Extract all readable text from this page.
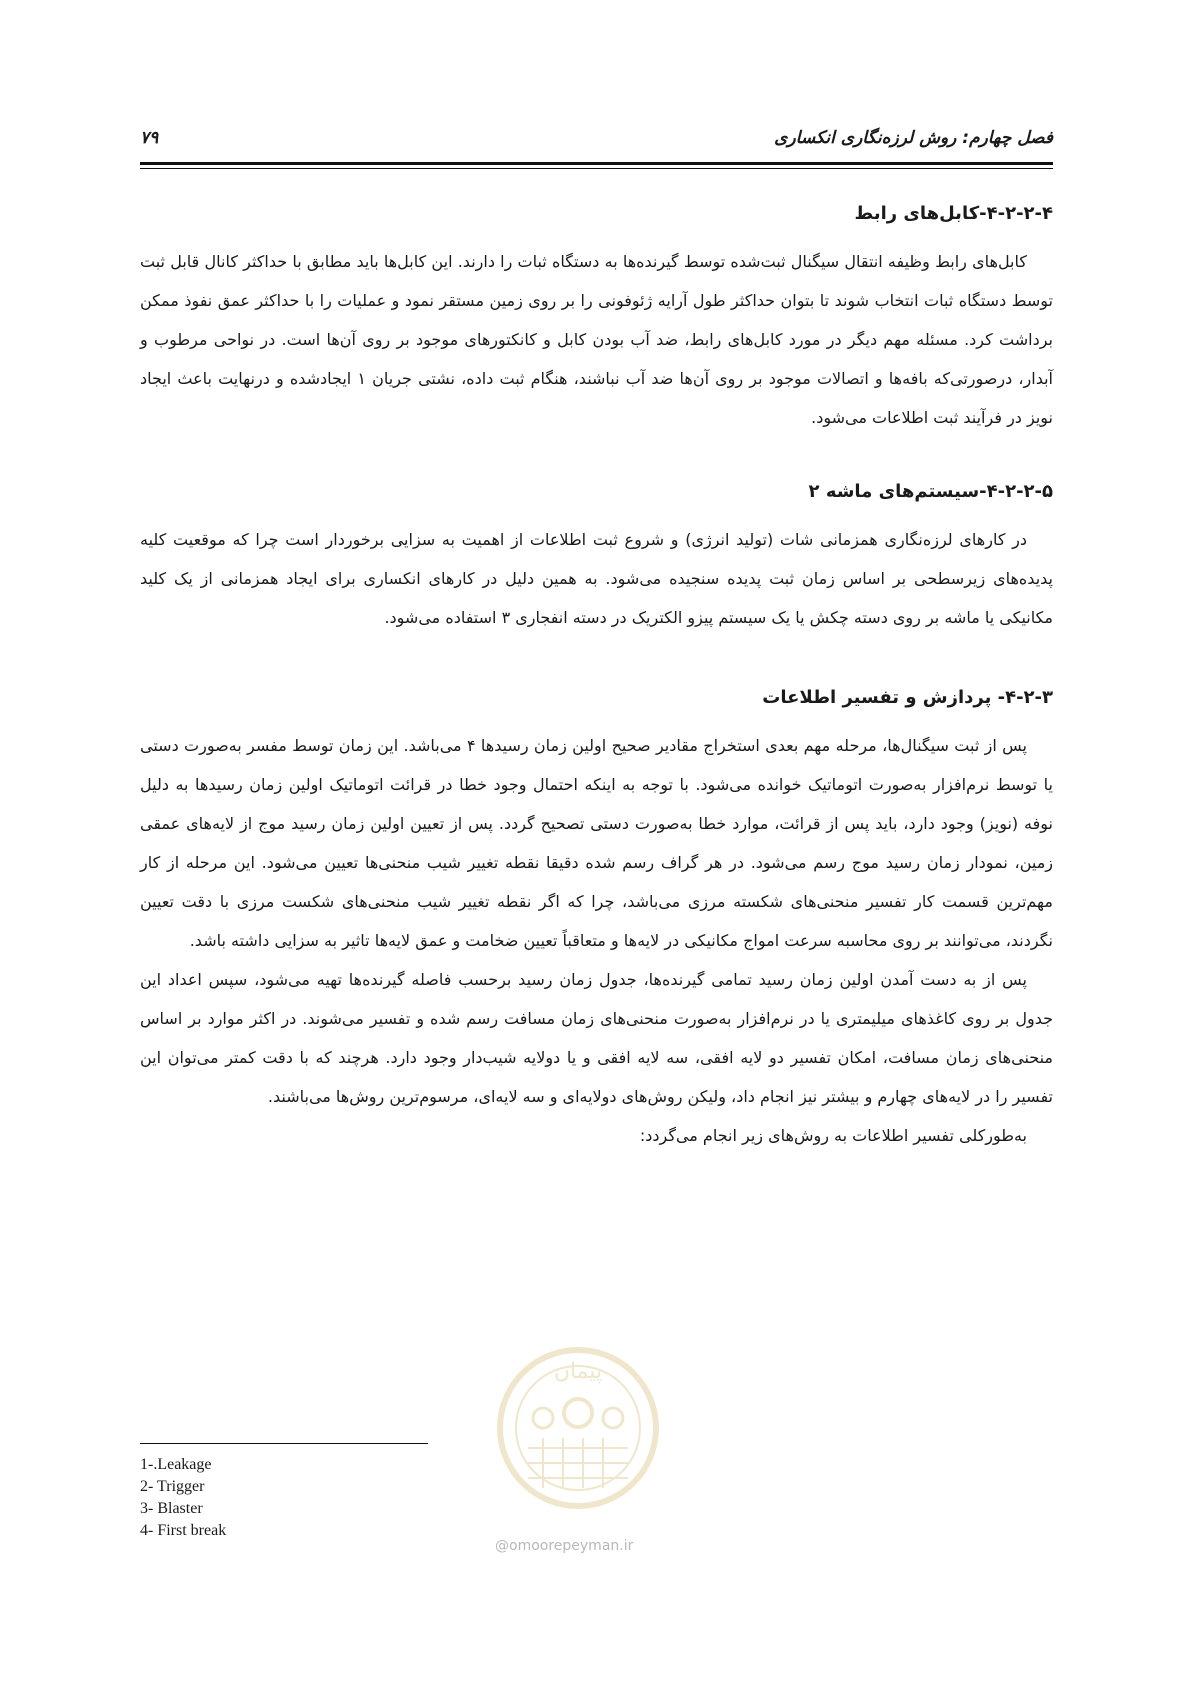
فصل چهارم: روش لرزه‌نگاری انکساری
۷۹
۴-۲-۲-۴-کابل‌های رابط

کابل‌های رابط وظیفه انتقال سیگنال ثبت‌شده توسط گیرنده‌ها به دستگاه ثبات را دارند. این کابل‌ها باید مطابق با حداکثر کانال قابل ثبت توسط دستگاه ثبات انتخاب شوند تا بتوان حداکثر طول آرایه ژئوفونی را بر روی زمین مستقر نمود و عملیات را با حداکثر عمق نفوذ ممکن برداشت کرد. مسئله مهم دیگر در مورد کابل‌های رابط، ضد آب بودن کابل و کانکتورهای موجود بر روی آن‌ها است. در نواحی مرطوب و آبدار، درصورتی‌که بافه‌ها و اتصالات موجود بر روی آن‌ها ضد آب نباشند، هنگام ثبت داده، نشتی جریان ۱ ایجادشده و درنهایت باعث ایجاد نویز در فرآیند ثبت اطلاعات می‌شود.

۴-۲-۲-۵-سیستم‌های ماشه ۲

در کارهای لرزه‌نگاری همزمانی شات (تولید انرژی) و شروع ثبت اطلاعات از اهمیت به سزایی برخوردار است چرا که موقعیت کلیه پدیده‌های زیرسطحی بر اساس زمان ثبت پدیده سنجیده می‌شود. به همین دلیل در کارهای انکساری برای ایجاد همزمانی از یک کلید مکانیکی یا ماشه بر روی دسته چکش یا یک سیستم پیزو الکتریک در دسته انفجاری ۳ استفاده می‌شود.

۴-۲-۳- پردازش و تفسیر اطلاعات

پس از ثبت سیگنال‌ها، مرحله مهم بعدی استخراج مقادیر صحیح اولین زمان رسیدها ۴ می‌باشد. این زمان توسط مفسر به‌صورت دستی یا توسط نرم‌افزار به‌صورت اتوماتیک خوانده می‌شود. با توجه به اینکه احتمال وجود خطا در قرائت اتوماتیک اولین زمان رسیدها به دلیل نوفه (نویز) وجود دارد، باید پس از قرائت، موارد خطا به‌صورت دستی تصحیح گردد. پس از تعیین اولین زمان رسید موج از لایه‌های عمقی زمین، نمودار زمان رسید موج رسم می‌شود. در هر گراف رسم شده دقیقا نقطه تغییر شیب منحنی‌ها تعیین می‌شود. این مرحله از کار مهم‌ترین قسمت کار تفسیر منحنی‌های شکسته مرزی می‌باشد، چرا که اگر نقطه تغییر شیب منحنی‌های شکست مرزی با دقت تعیین نگردند، می‌توانند بر روی محاسبه سرعت امواج مکانیکی در لایه‌ها و متعاقباً تعیین ضخامت و عمق لایه‌ها تاثیر به سزایی داشته باشد.

پس از به دست آمدن اولین زمان رسید تمامی گیرنده‌ها، جدول زمان رسید برحسب فاصله گیرنده‌ها تهیه می‌شود، سپس اعداد این جدول بر روی کاغذهای میلیمتری یا در نرم‌افزار به‌صورت منحنی‌های زمان مسافت رسم شده و تفسیر می‌شوند. در اکثر موارد بر اساس منحنی‌های زمان مسافت، امکان تفسیر دو لایه افقی، سه لایه افقی و یا دولایه شیب‌دار وجود دارد. هرچند که با دقت کمتر می‌توان این تفسیر را در لایه‌های چهارم و بیشتر نیز انجام داد، ولیکن روش‌های دولایه‌ای و سه لایه‌ای، مرسوم‌ترین روش‌ها می‌باشند.

به‌طورکلی تفسیر اطلاعات به روش‌های زیر انجام می‌گردد:

پیمان
@omoorepeyman.ir
1-.Leakage
2- Trigger
3- Blaster
4- First break
